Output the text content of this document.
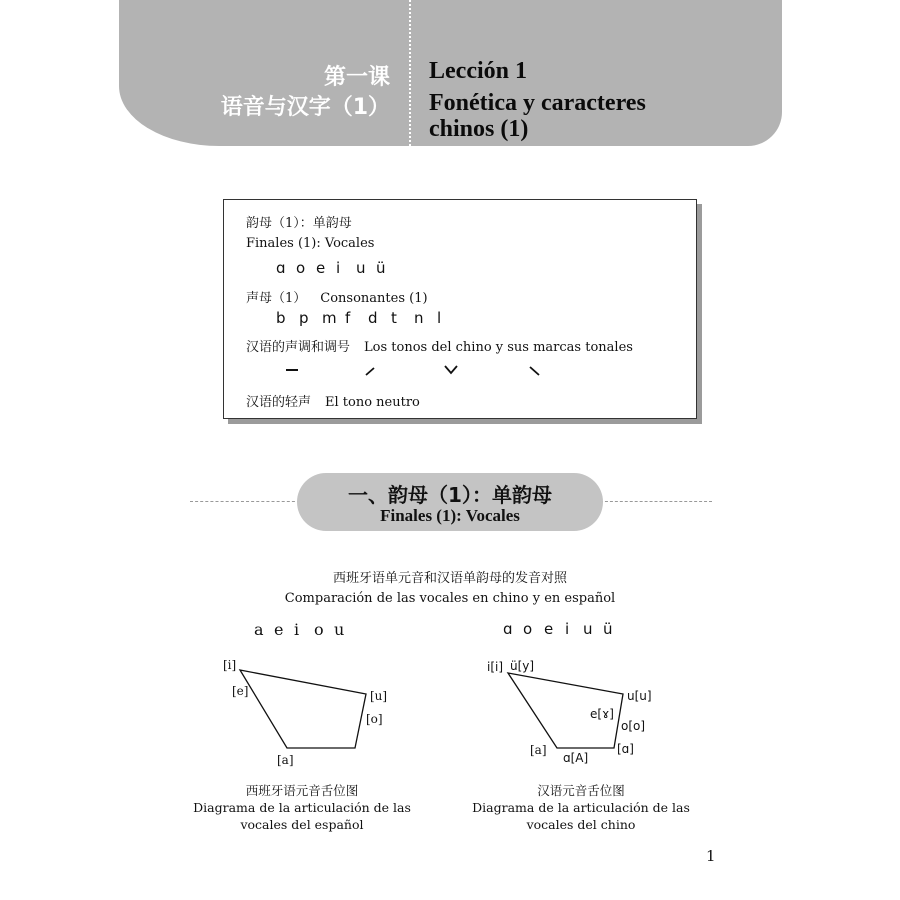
第一课
语音与汉字（1）
Lección 1
Fonética y caracteres
chinos (1)
韵母（1）：单韵母
Finales (1): Vocales
ɑ o e i u ü
声母（1） Consonantes (1)
b p m f d t n l
汉语的声调和调号 Los tonos del chino y sus marcas tonales
汉语的轻声 El tono neutro
一、韵母（1）：单韵母
Finales (1): Vocales
西班牙语单元音和汉语单韵母的发音对照
Comparación de las vocales en chino y en español
a e i o u	ɑ o e i u ü
[i]
[e]	[u]
[o]
[a]
i[i] ü[y]
u[u]
e[ɤ]
o[o]
[a]
ɑ[A]
[ɑ]
西班牙语元音舌位图
Diagrama de la articulación de las
vocales del español
汉语元音舌位图
Diagrama de la articulación de las
vocales del chino
1
